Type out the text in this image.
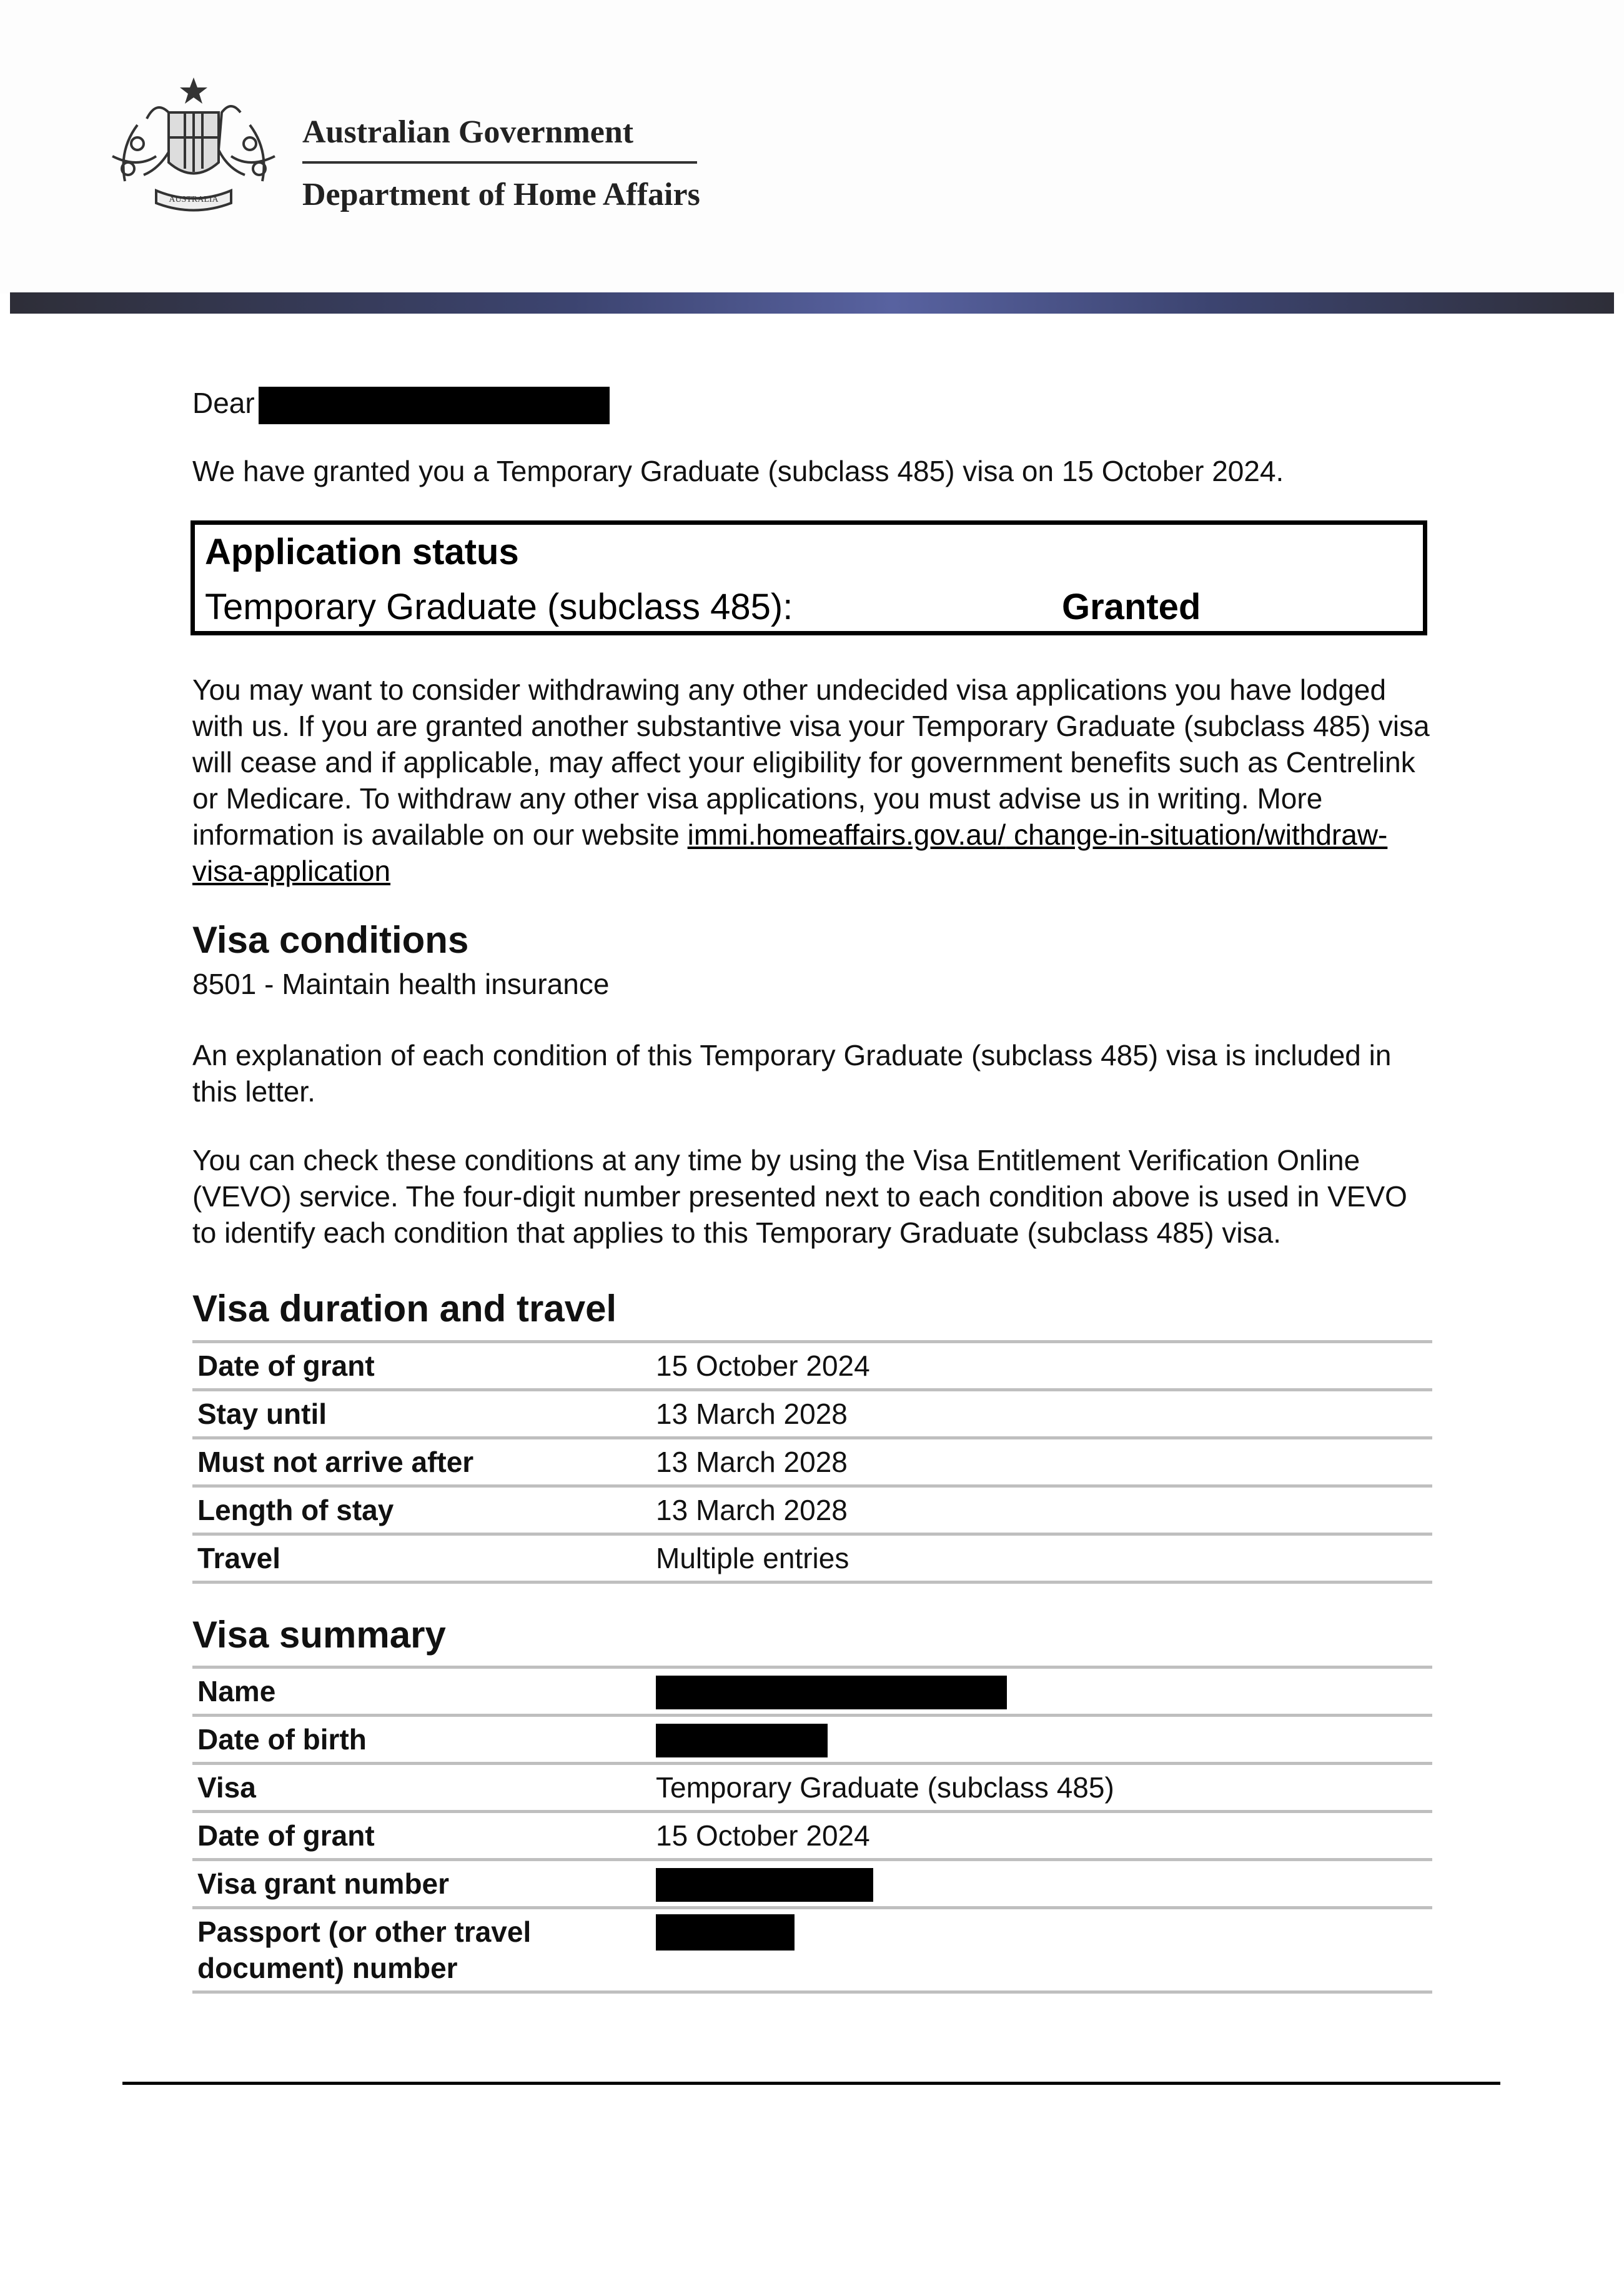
AUSTRALIA
Australian Government
Department of Home Affairs
Dear
We have granted you a Temporary Graduate (subclass 485) visa on 15 October 2024.
Application status
Temporary Graduate (subclass 485):	Granted
You may want to consider withdrawing any other undecided visa applications you have lodged with us. If you are granted another substantive visa your Temporary Graduate (subclass 485) visa will cease and if applicable, may affect your eligibility for government benefits such as Centrelink or Medicare. To withdraw any other visa applications, you must advise us in writing. More information is available on our website immi.homeaffairs.gov.au/ change-in-situation/withdraw-visa-application
Visa conditions
8501 - Maintain health insurance
An explanation of each condition of this Temporary Graduate (subclass 485) visa is included in this letter.
You can check these conditions at any time by using the Visa Entitlement Verification Online (VEVO) service. The four-digit number presented next to each condition above is used in VEVO to identify each condition that applies to this Temporary Graduate (subclass 485) visa.
Visa duration and travel
Date of grant	15 October 2024
Stay until	13 March 2028
Must not arrive after	13 March 2028
Length of stay	13 March 2028
Travel	Multiple entries
Visa summary
Name	
Date of birth	
Visa	Temporary Graduate (subclass 485)
Date of grant	15 October 2024
Visa grant number	
Passport (or other travel document) number	
